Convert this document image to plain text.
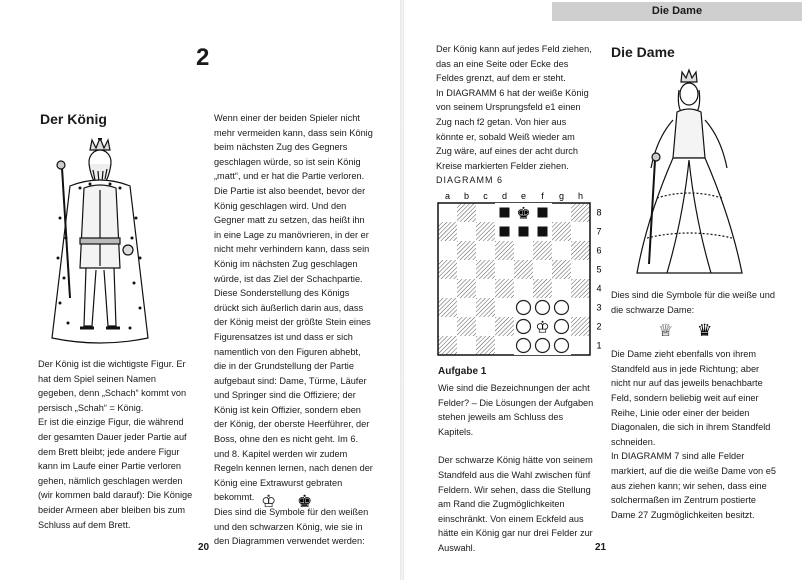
2
Der König

Der König ist die wichtigste Figur. Er hat dem Spiel seinen Namen gegeben, denn „Schach“ kommt von persisch „Schah“ = König.

Er ist die einzige Figur, die während der gesamten Dauer jeder Partie auf dem Brett bleibt; jede andere Figur kann im Laufe einer Partie verloren gehen, nämlich geschlagen werden (wir kommen bald darauf): Die Könige beider Armeen aber bleiben bis zum Schluss auf dem Brett.

Wenn einer der beiden Spieler nicht mehr vermeiden kann, dass sein König beim nächsten Zug des Gegners geschlagen würde, so ist sein König „matt“, und er hat die Partie verloren.

Die Partie ist also beendet, bevor der König geschlagen wird. Und den Gegner matt zu setzen, das heißt ihn in eine Lage zu manövrieren, in der er nicht mehr verhindern kann, dass sein König im nächsten Zug geschlagen würde, ist das Ziel der Schachpartie.

Diese Sonderstellung des Königs drückt sich äußerlich darin aus, dass der König meist der größte Stein eines Figurensatzes ist und dass er sich namentlich von den Figuren abhebt, die in der Grundstellung der Partie aufgebaut sind: Dame, Türme, Läufer und Springer sind die Offiziere; der König ist kein Offizier, sondern eben der König, der oberste Heerführer, der Boss, ohne den es nicht geht. Im 6. und 8. Kapitel werden wir zudem Regeln kennen lernen, nach denen der König eine Extrawurst gebraten bekommt.

Dies sind die Symbole für den weißen und den schwarzen König, wie sie in den Diagrammen verwendet werden:

♔ ♚
20
Die Dame

Der König kann auf jedes Feld ziehen, das an eine Seite oder Ecke des Feldes grenzt, auf dem er steht.

In DIAGRAMM 6 hat der weiße König von seinem Ursprungsfeld e1 einen Zug nach f2 getan. Von hier aus könnte er, sobald Weiß wieder am Zug wäre, auf eines der acht durch Kreise markierten Felder ziehen.

DIAGRAMM 6
a b c d e f g h
8
7
6
5
4
3
2
1
♚
♔
Aufgabe 1

Wie sind die Bezeichnungen der acht Felder? – Die Lösungen der Aufgaben stehen jeweils am Schluss des Kapitels.

Der schwarze König hätte von seinem Standfeld aus die Wahl zwischen fünf Feldern. Wir sehen, dass die Stellung am Rand die Zugmöglichkeiten einschränkt. Von einem Eckfeld aus hätte ein König gar nur drei Felder zur Auswahl.

Die Dame

Dies sind die Symbole für die weiße und die schwarze Dame:

Die Dame zieht ebenfalls von ihrem Standfeld aus in jede Richtung; aber nicht nur auf das jeweils benachbarte Feld, sondern beliebig weit auf einer Reihe, Linie oder einer der beiden Diagonalen, die sich in ihrem Standfeld schneiden.

In DIAGRAMM 7 sind alle Felder markiert, auf die die weiße Dame von e5 aus ziehen kann; wir sehen, dass eine solchermaßen im Zentrum postierte Dame 27 Zugmöglichkeiten besitzt.

♕ ♛
21
